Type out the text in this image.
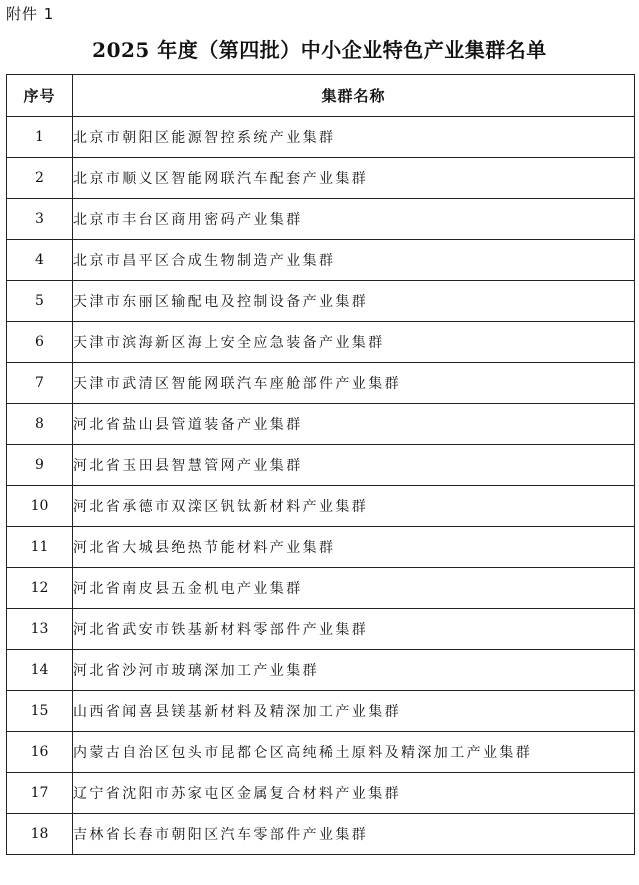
附件 1
2025 年度（第四批）中小企业特色产业集群名单
序号	集群名称
1	北京市朝阳区能源智控系统产业集群
2	北京市顺义区智能网联汽车配套产业集群
3	北京市丰台区商用密码产业集群
4	北京市昌平区合成生物制造产业集群
5	天津市东丽区输配电及控制设备产业集群
6	天津市滨海新区海上安全应急装备产业集群
7	天津市武清区智能网联汽车座舱部件产业集群
8	河北省盐山县管道装备产业集群
9	河北省玉田县智慧管网产业集群
10	河北省承德市双滦区钒钛新材料产业集群
11	河北省大城县绝热节能材料产业集群
12	河北省南皮县五金机电产业集群
13	河北省武安市铁基新材料零部件产业集群
14	河北省沙河市玻璃深加工产业集群
15	山西省闻喜县镁基新材料及精深加工产业集群
16	内蒙古自治区包头市昆都仑区高纯稀土原料及精深加工产业集群
17	辽宁省沈阳市苏家屯区金属复合材料产业集群
18	吉林省长春市朝阳区汽车零部件产业集群
